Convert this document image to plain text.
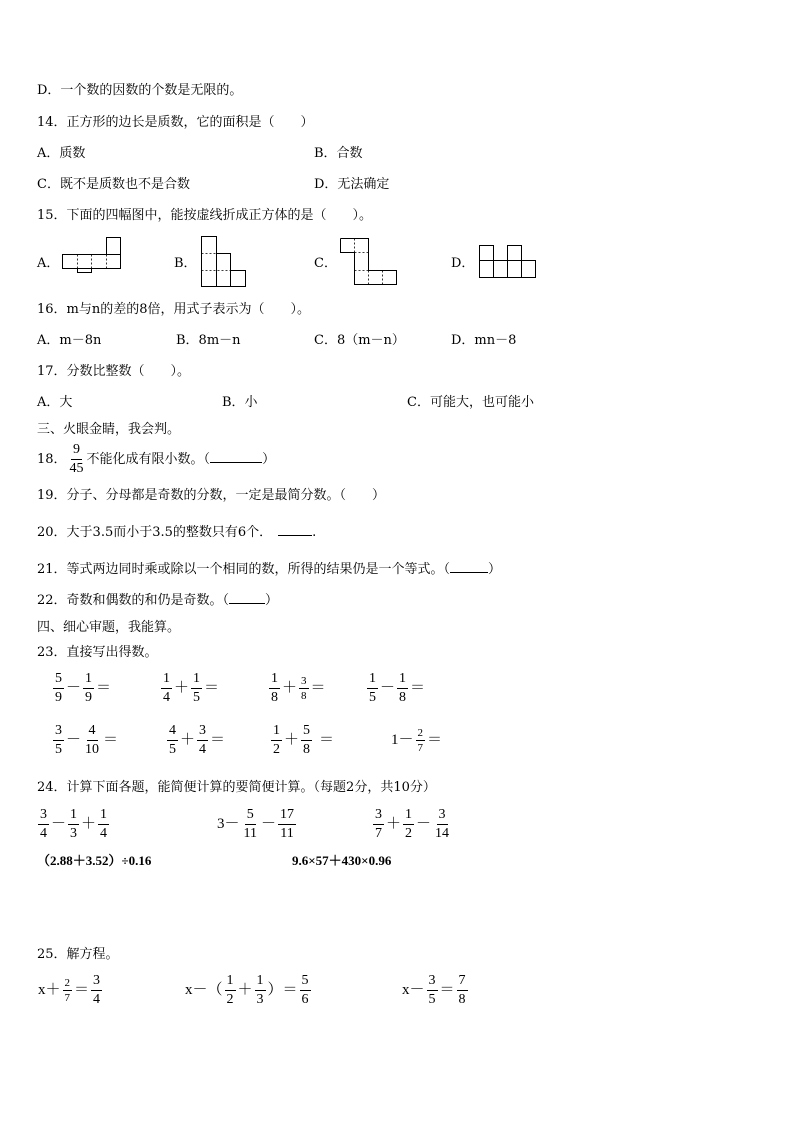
D．一个数的因数的个数是无限的。
14．正方形的边长是质数，它的面积是（　　）
A．质数	B．合数
C．既不是质数也不是合数	D．无法确定
15．下面的四幅图中，能按虚线折成正方体的是（　　）。
A．	B．	C．	D．
16．m与n的差的8倍，用式子表示为（　　）。
A．m－8n	B．8m－n	C．8（m－n）	D．mn－8
17．分数比整数（　　）。
A．大	B．小	C．可能大，也可能小
三、火眼金睛，我会判。
18． $\frac{9}{45}$ 不能化成有限小数。（	）
19．分子、分母都是奇数的分数，一定是最简分数。（　　）
20．大于3.5而小于3.5的整数只有6个．	.
21．等式两边同时乘或除以一个相同的数，所得的结果仍是一个等式。（	）
22．奇数和偶数的和仍是奇数。（	）
四、细心审题，我能算。
23．直接写出得数。
$\frac{5}{9} - \frac{1}{9}$ ＝	$\frac{1}{4} + \frac{1}{5}$ ＝	$\frac{1}{8} + \frac{3}{8}$ ＝	$\frac{1}{5} - \frac{1}{8}$ ＝
$\frac{3}{5} - \frac{4}{10}$ ＝	$\frac{4}{5} + \frac{3}{4}$ ＝	$\frac{1}{2} + \frac{5}{8}$ ＝	$1- \frac{2}{7}$ ＝
24．计算下面各题，能简便计算的要简便计算。（每题2分，共10分）
$\frac{3}{4} - \frac{1}{3} + \frac{1}{4}$	$3- \frac{5}{11} - \frac{17}{11}$	$\frac{3}{7} + \frac{1}{2} - \frac{3}{14}$
（2.88＋3.52）÷0.16	9.6×57＋430×0.96
25．解方程。
$x+ \frac{2}{7} = \frac{3}{4}$	$x-( \frac{1}{2} + \frac{1}{3}$ ）＝ $\frac{5}{6}$	$x- \frac{3}{5} = \frac{7}{8}$
